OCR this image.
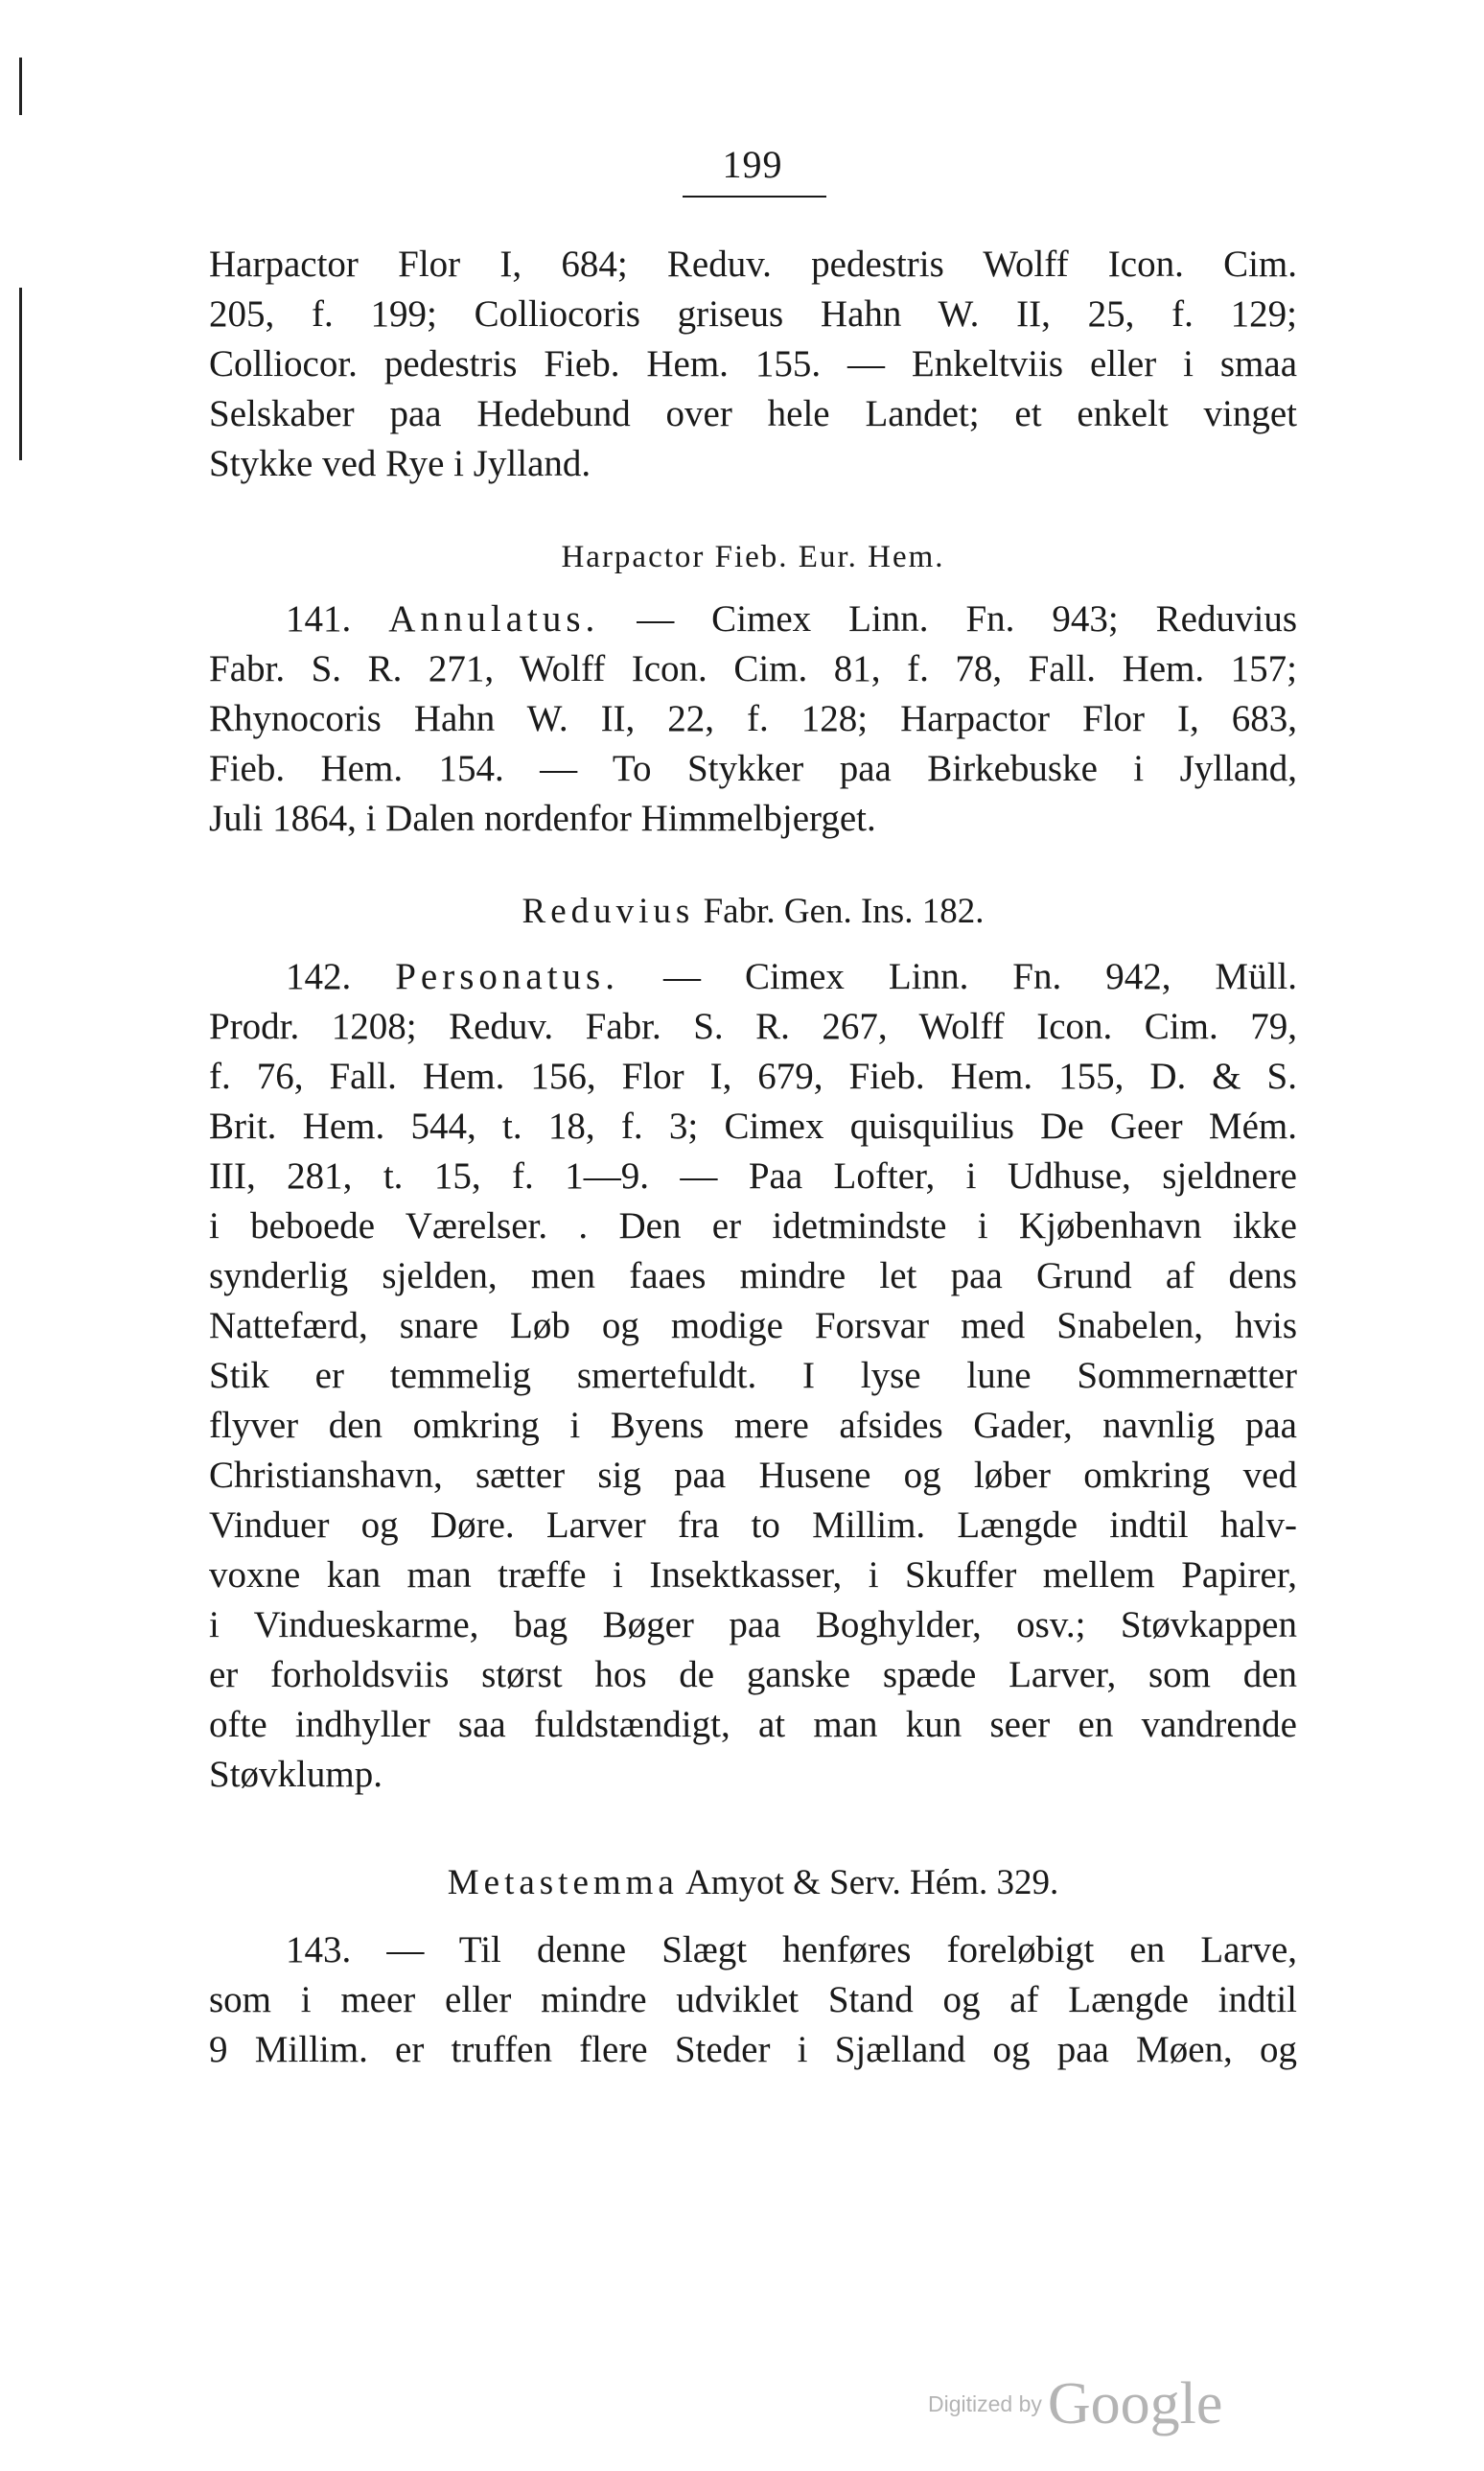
199
Harpactor Flor I, 684; Reduv. pedestris Wolff Icon. Cim.
205, f. 199; Colliocoris griseus Hahn W. II, 25, f. 129;
Colliocor. pedestris Fieb. Hem. 155. — Enkeltviis eller i smaa
Selskaber paa Hedebund over hele Landet; et enkelt vinget
Stykke ved Rye i Jylland.
Harpactor Fieb. Eur. Hem.
141. Annulatus. — Cimex Linn. Fn. 943; Reduvius
Fabr. S. R. 271, Wolff Icon. Cim. 81, f. 78, Fall. Hem. 157;
Rhynocoris Hahn W. II, 22, f. 128; Harpactor Flor I, 683,
Fieb. Hem. 154. — To Stykker paa Birkebuske i Jylland,
Juli 1864, i Dalen nordenfor Himmelbjerget.
Reduvius Fabr. Gen. Ins. 182.
142. Personatus. — Cimex Linn. Fn. 942, Müll.
Prodr. 1208; Reduv. Fabr. S. R. 267, Wolff Icon. Cim. 79,
f. 76, Fall. Hem. 156, Flor I, 679, Fieb. Hem. 155, D. & S.
Brit. Hem. 544, t. 18, f. 3; Cimex quisquilius De Geer Mém.
III, 281, t. 15, f. 1—9. — Paa Lofter, i Udhuse, sjeldnere
i beboede Værelser. . Den er idetmindste i Kjøbenhavn ikke
synderlig sjelden, men faaes mindre let paa Grund af dens
Nattefærd, snare Løb og modige Forsvar med Snabelen, hvis
Stik er temmelig smertefuldt. I lyse lune Sommernætter
flyver den omkring i Byens mere afsides Gader, navnlig paa
Christianshavn, sætter sig paa Husene og løber omkring ved
Vinduer og Døre. Larver fra to Millim. Længde indtil halv-
voxne kan man træffe i Insektkasser, i Skuffer mellem Papirer,
i Vindueskarme, bag Bøger paa Boghylder, osv.; Støvkappen
er forholdsviis størst hos de ganske spæde Larver, som den
ofte indhyller saa fuldstændigt, at man kun seer en vandrende
Støvklump.
Metastemma Amyot & Serv. Hém. 329.
143. — Til denne Slægt henføres foreløbigt en Larve,
som i meer eller mindre udviklet Stand og af Længde indtil
9 Millim. er truffen flere Steder i Sjælland og paa Møen, og
Digitized byGoogle
